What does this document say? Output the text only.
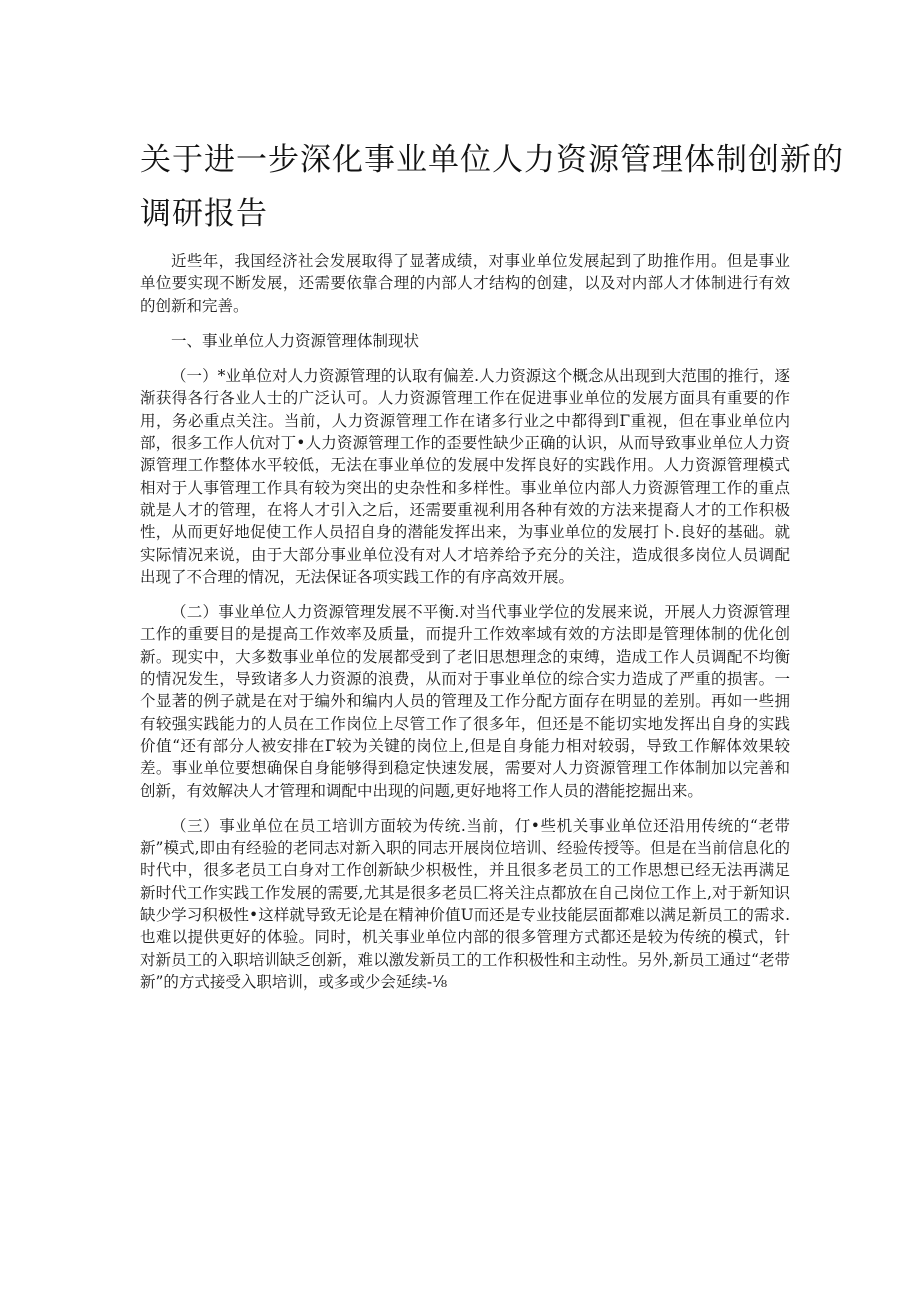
关于进一步深化事业单位人力资源管理体制创新的
调研报告

近些年，我国经济社会发展取得了显著成绩，对事业单位发展起到了助推作用。但是事业单位要实现不断发展，还需要依靠合理的内部人才结构的创建，以及对内部人才体制进行有效的创新和完善。

一、事业单位人力资源管理体制现状

（一）*业单位对人力资源管理的认取有偏差.人力资源这个概念从出现到大范围的推行，逐渐获得各行各业人士的广泛认可。人力资源管理工作在促进事业单位的发展方面具有重要的作用，务必重点关注。当前，人力资源管理工作在诸多行业之中都得到Γ重视，但在事业单位内部，很多工作人伉对丁•人力资源管理工作的歪要性缺少正确的认识，从而导致事业单位人力资源管理工作整体水平较低，无法在事业单位的发展中发挥良好的实践作用。人力资源管理模式相对于人事管理工作具有较为突出的史杂性和多样性。事业单位内部人力资源管理工作的重点就是人才的管理，在将人才引入之后，还需要重视利用各种有效的方法来提裔人才的工作积极性，从而更好地促使工作人员招自身的潜能发挥出来，为事业单位的发展打卜.良好的基础。就实际情况来说，由于大部分事业单位没有对人才培养给予充分的关注，造成很多岗位人员调配出现了不合理的情况，无法保证各项实践工作的有序高效开展。

（二）事业单位人力资源管理发展不平衡.对当代事业学位的发展来说，开展人力资源管理工作的重要目的是提高工作效率及质量，而提升工作效率域有效的方法即是管理体制的优化创新。现实中，大多数事业单位的发展都受到了老旧思想理念的束缚，造成工作人员调配不均衡的情况发生，导致诸多人力资源的浪费，从而对于事业单位的综合实力造成了严重的损害。一个显著的例子就是在对于编外和编内人员的管理及工作分配方面存在明显的差别。再如一些拥有较强实践能力的人员在工作岗位上尽管工作了很多年，但还是不能切实地发挥出自身的实践价值“还有部分人被安排在Γ较为关键的岗位上,但是自身能力相对较弱，导致工作解体效果较差。事业单位要想确保自身能够得到稳定快速发展，需要对人力资源管理工作体制加以完善和创新，有效解决人才管理和调配中出现的问题,更好地将工作人员的潜能挖掘出来。

（三）事业单位在员工培训方面较为传统.当前，仃•些机关事业单位还沿用传统的“老带新”模式,即由有经验的老同志对新入职的同志开展岗位培训、经验传授等。但是在当前信息化的时代中，很多老员工白身对工作创新缺少枳极性，并且很多老员工的工作思想已经无法再满足新时代工作实践工作发展的需要,尤其是很多老员匚将关注点都放在自己岗位工作上,对于新知识缺少学习积极性•这样就导致无论是在精神价值U而还是专业技能层面都难以满足新员工的需求.也难以提供更好的体验。同时，机关事业单位内部的很多管理方式都还是较为传统的模式，针对新员工的入职培训缺乏创新，难以激发新员工的工作积极性和主动性。另外,新员工通过“老带新”的方式接受入职培训，或多或少会延续-⅛
